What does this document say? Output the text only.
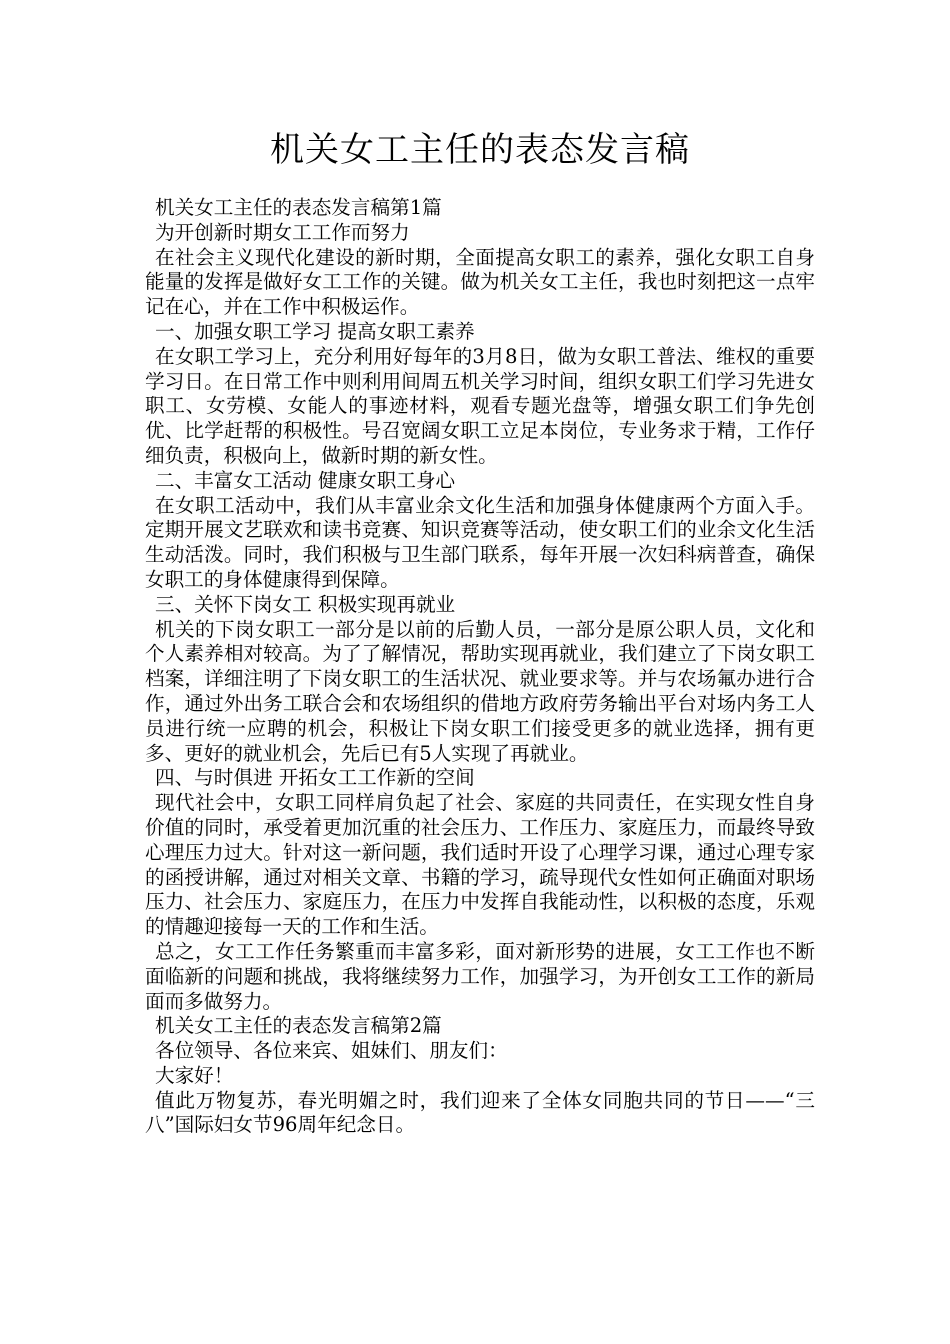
机关女工主任的表态发言稿

机关女工主任的表态发言稿第1篇

为开创新时期女工工作而努力

在社会主义现代化建设的新时期，全面提高女职工的素养，强化女职工自身能量的发挥是做好女工工作的关键。做为机关女工主任，我也时刻把这一点牢记在心，并在工作中积极运作。

一、加强女职工学习 提高女职工素养

在女职工学习上，充分利用好每年的3月8日，做为女职工普法、维权的重要学习日。在日常工作中则利用间周五机关学习时间，组织女职工们学习先进女职工、女劳模、女能人的事迹材料，观看专题光盘等，增强女职工们争先创优、比学赶帮的积极性。号召宽阔女职工立足本岗位，专业务求于精，工作仔细负责，积极向上，做新时期的新女性。

二、丰富女工活动 健康女职工身心

在女职工活动中，我们从丰富业余文化生活和加强身体健康两个方面入手。定期开展文艺联欢和读书竞赛、知识竞赛等活动，使女职工们的业余文化生活生动活泼。同时，我们积极与卫生部门联系，每年开展一次妇科病普查，确保女职工的身体健康得到保障。

三、关怀下岗女工 积极实现再就业

机关的下岗女职工一部分是以前的后勤人员，一部分是原公职人员，文化和个人素养相对较高。为了了解情况，帮助实现再就业，我们建立了下岗女职工档案，详细注明了下岗女职工的生活状况、就业要求等。并与农场氟办进行合作，通过外出务工联合会和农场组织的借地方政府劳务输出平台对场内务工人员进行统一应聘的机会，积极让下岗女职工们接受更多的就业选择，拥有更多、更好的就业机会，先后已有5人实现了再就业。

四、与时俱进 开拓女工工作新的空间

现代社会中，女职工同样肩负起了社会、家庭的共同责任，在实现女性自身价值的同时，承受着更加沉重的社会压力、工作压力、家庭压力，而最终导致心理压力过大。针对这一新问题，我们适时开设了心理学习课，通过心理专家的函授讲解，通过对相关文章、书籍的学习，疏导现代女性如何正确面对职场压力、社会压力、家庭压力，在压力中发挥自我能动性，以积极的态度，乐观的情趣迎接每一天的工作和生活。

总之，女工工作任务繁重而丰富多彩，面对新形势的进展，女工工作也不断面临新的问题和挑战，我将继续努力工作，加强学习，为开创女工工作的新局面而多做努力。

机关女工主任的表态发言稿第2篇

各位领导、各位来宾、姐妹们、朋友们：

大家好！

值此万物复苏，春光明媚之时，我们迎来了全体女同胞共同的节日——“三八”国际妇女节96周年纪念日。
